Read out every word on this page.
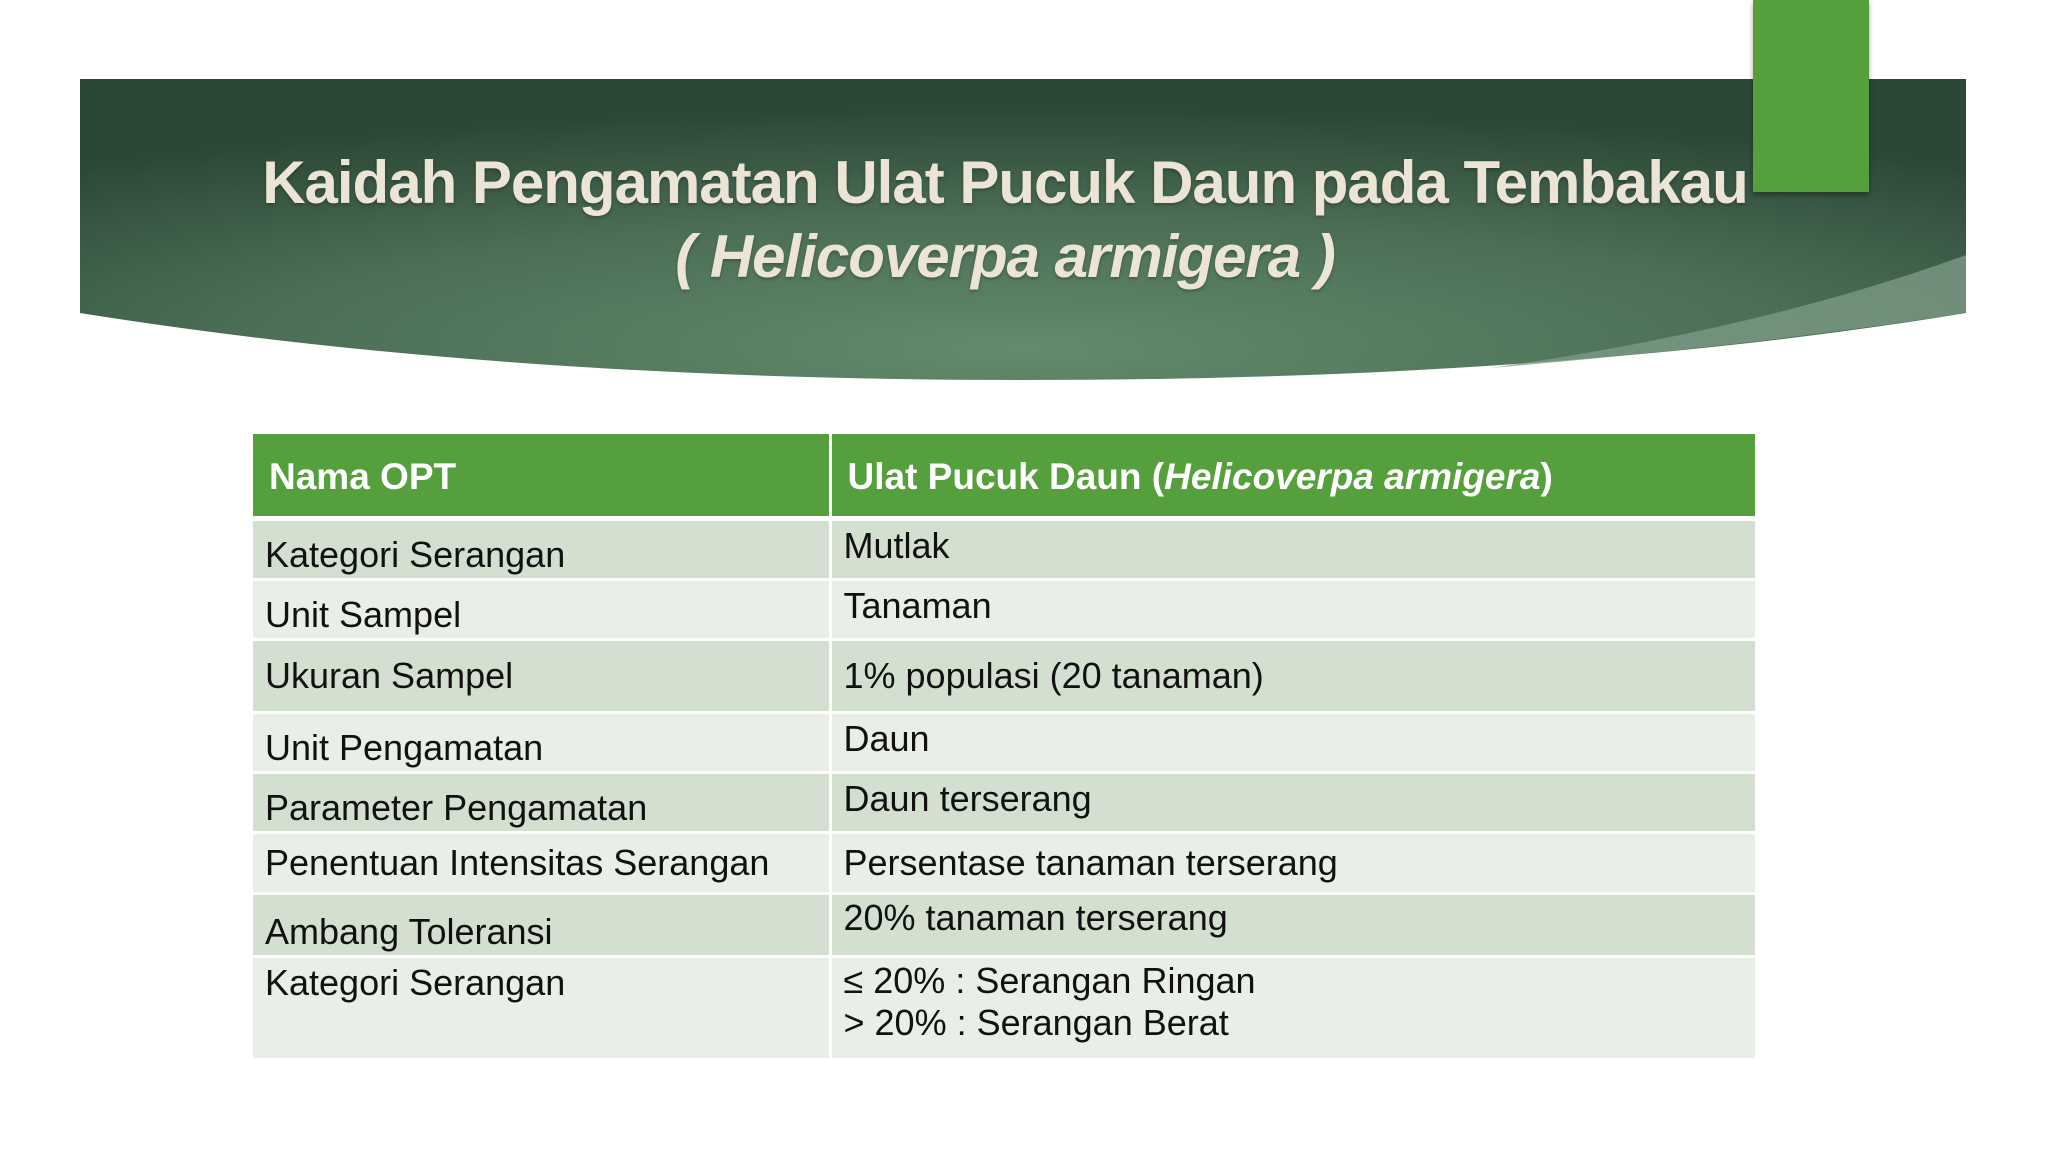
Kaidah Pengamatan Ulat Pucuk Daun pada Tembakau
( Helicoverpa armigera )
Nama OPT	Ulat Pucuk Daun (Helicoverpa armigera)
Kategori Serangan	Mutlak
Unit Sampel	Tanaman
Ukuran Sampel	1% populasi (20 tanaman)
Unit Pengamatan	Daun
Parameter Pengamatan	Daun terserang
Penentuan Intensitas Serangan	Persentase tanaman terserang
Ambang Toleransi	20% tanaman terserang
Kategori Serangan	≤ 20% : Serangan Ringan
> 20% : Serangan Berat
